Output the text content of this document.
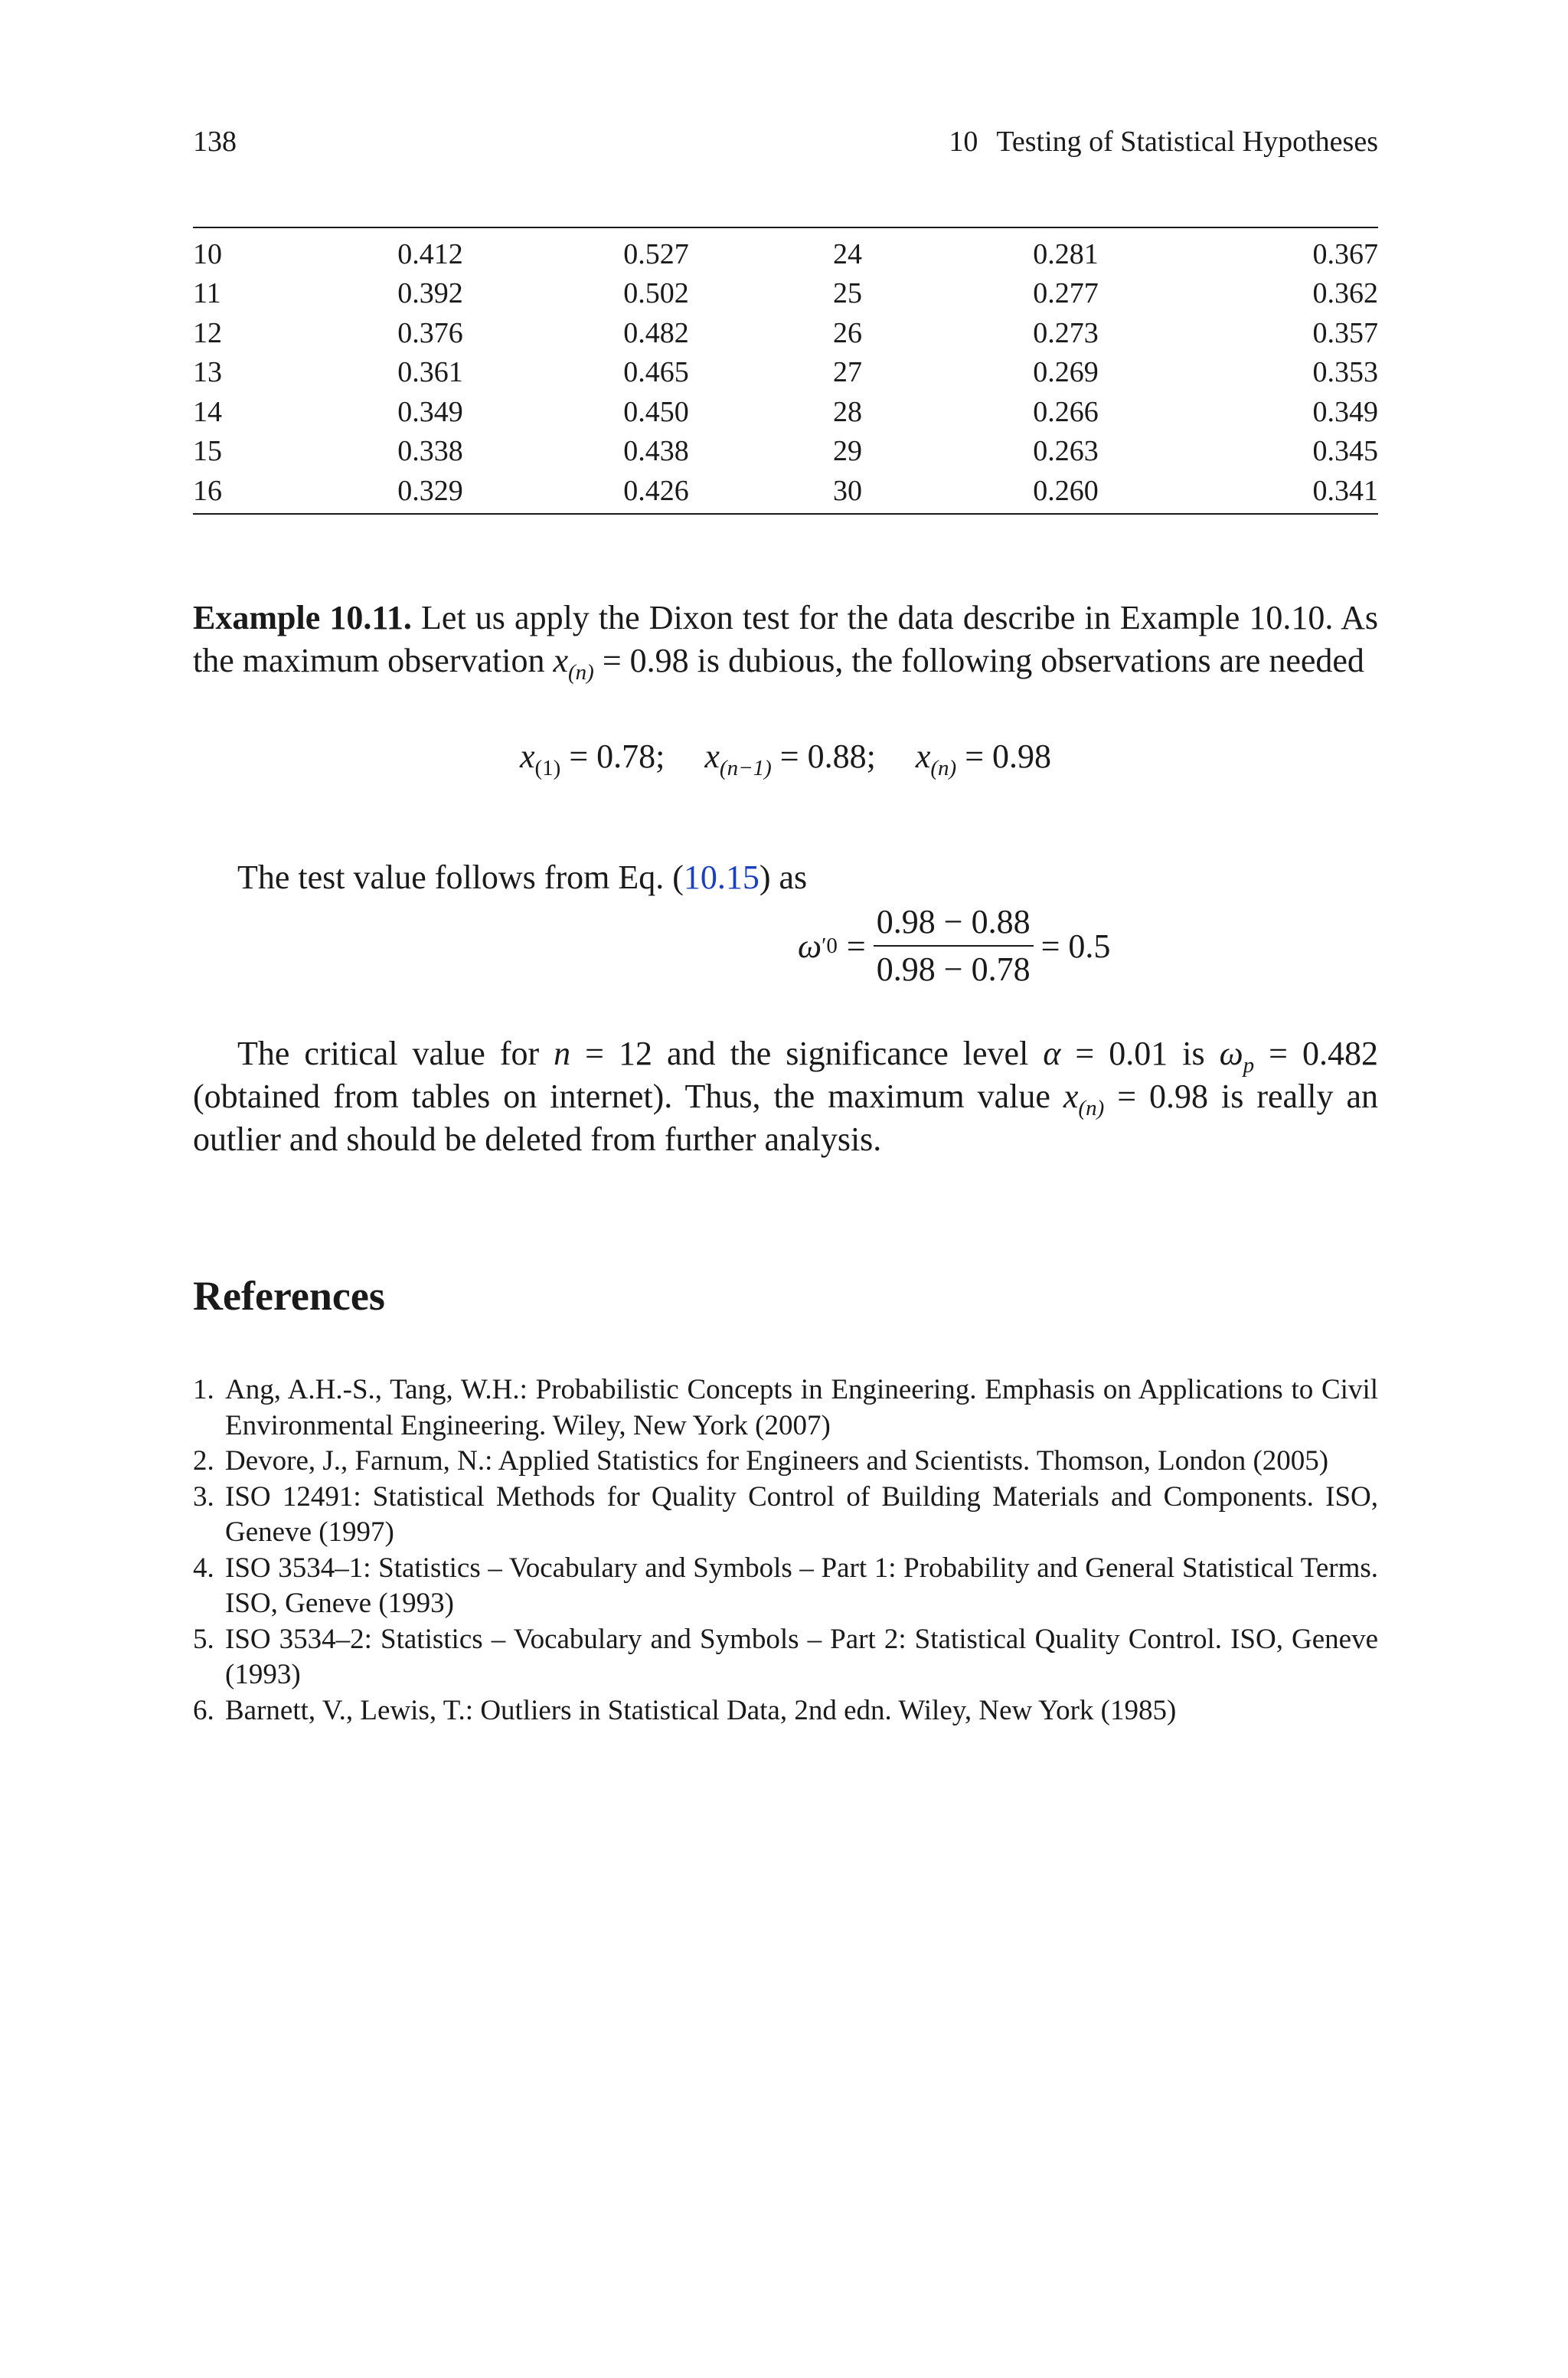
138	10 Testing of Statistical Hypotheses
10	0.412	0.527	24	0.281	0.367
11	0.392	0.502	25	0.277	0.362
12	0.376	0.482	26	0.273	0.357
13	0.361	0.465	27	0.269	0.353
14	0.349	0.450	28	0.266	0.349
15	0.338	0.438	29	0.263	0.345
16	0.329	0.426	30	0.260	0.341

Example 10.11. Let us apply the Dixon test for the data describe in Example 10.10. As the maximum observation $x_{(n)} = 0.98$ is dubious, the following observations are needed

$x_{(1)} = 0.78$; $x_{(n-1)} = 0.88$; $x_{(n)} = 0.98$

The test value follows from Eq. (10.15) as

ω ′ $0 = \frac{0.98 - 0.88}{0.98 - 0.78} = 0.5$

The critical value for n = 12 and the significance level α = 0.01 is $\omega_p = 0.482$ (obtained from tables on internet). Thus, the maximum value $x_{(n)} = 0.98$ is really an outlier and should be deleted from further analysis.

References
1. Ang, A.H.-S., Tang, W.H.: Probabilistic Concepts in Engineering. Emphasis on Applications to Civil Environmental Engineering. Wiley, New York (2007)
2. Devore, J., Farnum, N.: Applied Statistics for Engineers and Scientists. Thomson, London (2005)
3. ISO 12491: Statistical Methods for Quality Control of Building Materials and Components. ISO, Geneve (1997)
4. ISO 3534–1: Statistics – Vocabulary and Symbols – Part 1: Probability and General Statistical Terms. ISO, Geneve (1993)
5. ISO 3534–2: Statistics – Vocabulary and Symbols – Part 2: Statistical Quality Control. ISO, Geneve (1993)
6. Barnett, V., Lewis, T.: Outliers in Statistical Data, 2nd edn. Wiley, New York (1985)
